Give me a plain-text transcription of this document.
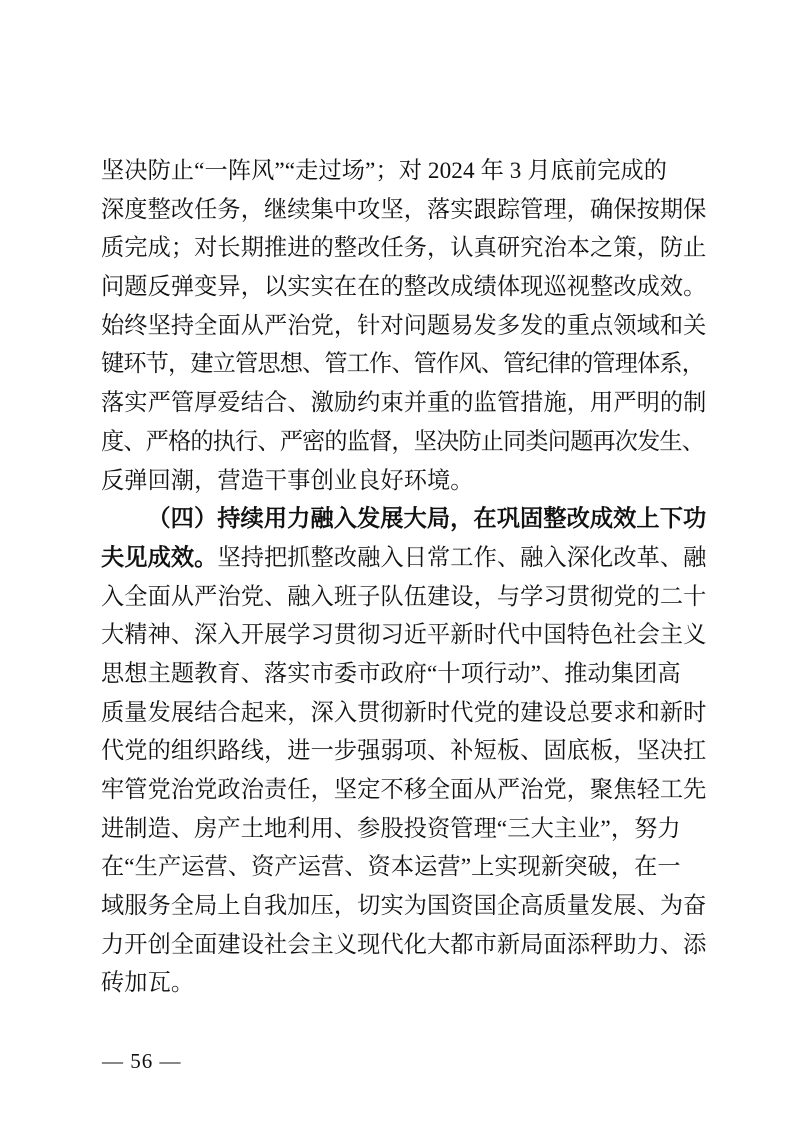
坚决防止“一阵风”“走过场”；对 2024 年 3 月底前完成的
深度整改任务，继续集中攻坚，落实跟踪管理，确保按期保
质完成；对长期推进的整改任务，认真研究治本之策，防止
问题反弹变异，以实实在在的整改成绩体现巡视整改成效。
始终坚持全面从严治党，针对问题易发多发的重点领域和关
键环节，建立管思想、管工作、管作风、管纪律的管理体系，
落实严管厚爱结合、激励约束并重的监管措施，用严明的制
度、严格的执行、严密的监督，坚决防止同类问题再次发生、
反弹回潮，营造干事创业良好环境。
（四）持续用力融入发展大局，在巩固整改成效上下功
夫见成效。坚持把抓整改融入日常工作、融入深化改革、融
入全面从严治党、融入班子队伍建设，与学习贯彻党的二十
大精神、深入开展学习贯彻习近平新时代中国特色社会主义
思想主题教育、落实市委市政府“十项行动”、推动集团高
质量发展结合起来，深入贯彻新时代党的建设总要求和新时
代党的组织路线，进一步强弱项、补短板、固底板，坚决扛
牢管党治党政治责任，坚定不移全面从严治党，聚焦轻工先
进制造、房产土地利用、参股投资管理“三大主业”，努力
在“生产运营、资产运营、资本运营”上实现新突破，在一
域服务全局上自我加压，切实为国资国企高质量发展、为奋
力开创全面建设社会主义现代化大都市新局面添秤助力、添
砖加瓦。
— 56 —
